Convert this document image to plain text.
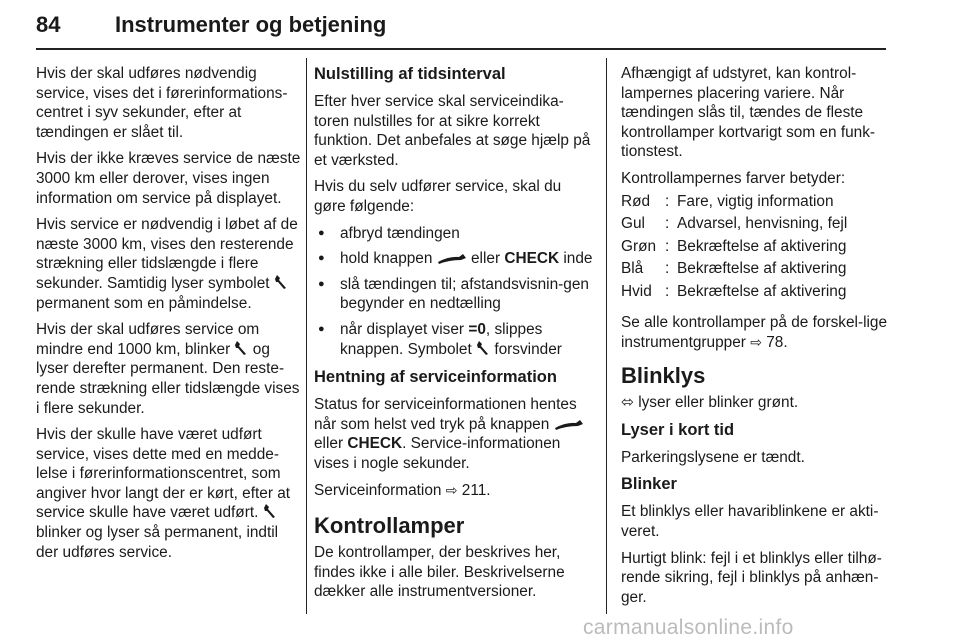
84 Instrumenter og betjening

Hvis der skal udføres nødvendig service, vises det i førerinformations-centret i syv sekunder, efter at tændingen er slået til.

Hvis der ikke kræves service de næste 3000 km eller derover, vises ingen information om service på displayet.

Hvis service er nødvendig i løbet af de næste 3000 km, vises den resterende strækning eller tidslængde i flere sekunder. Samtidig lyser symbolet  permanent som en påmindelse.

Hvis der skal udføres service om mindre end 1000 km, blinker og lyser derefter permanent. Den reste-rende strækning eller tidslængde vises i flere sekunder.

Hvis der skulle have været udført service, vises dette med en medde-lelse i førerinformationscentret, som angiver hvor langt der er kørt, efter at service skulle have været udført.  blinker og lyser så permanent, indtil der udføres service.

Nulstilling af tidsinterval

Efter hver service skal serviceindika-toren nulstilles for at sikre korrekt funktion. Det anbefales at søge hjælp på et værksted.

Hvis du selv udfører service, skal du gøre følgende:

● afbryd tændingen
● hold knappen	eller CHECK inde
● slå tændingen til; afstandsvisnin-gen begynder en nedtælling
● når displayet viser =0, slippes knappen. Symbolet forsvinder
Hentning af serviceinformation

Status for serviceinformationen hentes når som helst ved tryk på knappen  eller CHECK. Service-informationen vises i nogle sekunder.

Serviceinformation ⇨ 211.

Kontrollamper

De kontrollamper, der beskrives her, findes ikke i alle biler. Beskrivelserne dækker alle instrumentversioner.

Afhængigt af udstyret, kan kontrol-lampernes placering variere. Når tændingen slås til, tændes de fleste kontrollamper kortvarigt som en funk-tionstest.

Kontrollampernes farver betyder:

Rød	:	Fare, vigtig information
Gul	:	Advarsel, henvisning, fejl
Grøn	:	Bekræftelse af aktivering
Blå	:	Bekræftelse af aktivering
Hvid	:	Bekræftelse af aktivering

Se alle kontrollamper på de forskel-lige instrumentgrupper ⇨ 78.

Blinklys

⬄ lyser eller blinker grønt.

Lyser i kort tid

Parkeringslysene er tændt.

Blinker

Et blinklys eller havariblinkene er akti-veret.

Hurtigt blink: fejl i et blinklys eller tilhø-rende sikring, fejl i blinklys på anhæn-ger.

carmanualsonline.info
